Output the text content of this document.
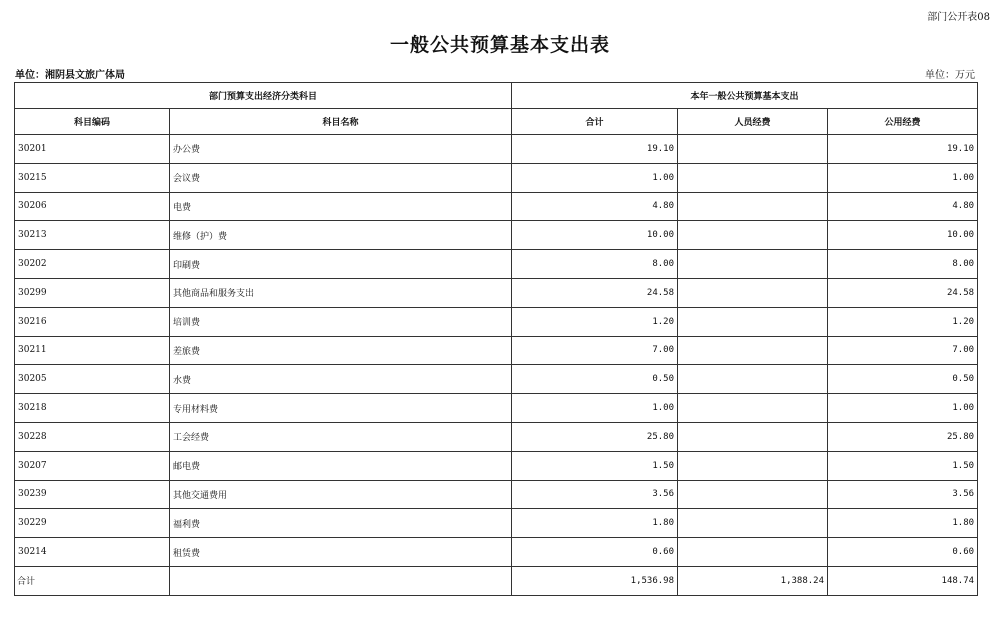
部门公开表08
一般公共预算基本支出表
单位：湘阴县文旅广体局	单位：万元
部门预算支出经济分类科目		本年一般公共预算基本支出		
科目编码	科目名称	合计	人员经费	公用经费
30201	办公费	19.10		19.10
30215	会议费	1.00		1.00
30206	电费	4.80		4.80
30213	维修（护）费	10.00		10.00
30202	印刷费	8.00		8.00
30299	其他商品和服务支出	24.58		24.58
30216	培训费	1.20		1.20
30211	差旅费	7.00		7.00
30205	水费	0.50		0.50
30218	专用材料费	1.00		1.00
30228	工会经费	25.80		25.80
30207	邮电费	1.50		1.50
30239	其他交通费用	3.56		3.56
30229	福利费	1.80		1.80
30214	租赁费	0.60		0.60
合计		1,536.98	1,388.24	148.74
